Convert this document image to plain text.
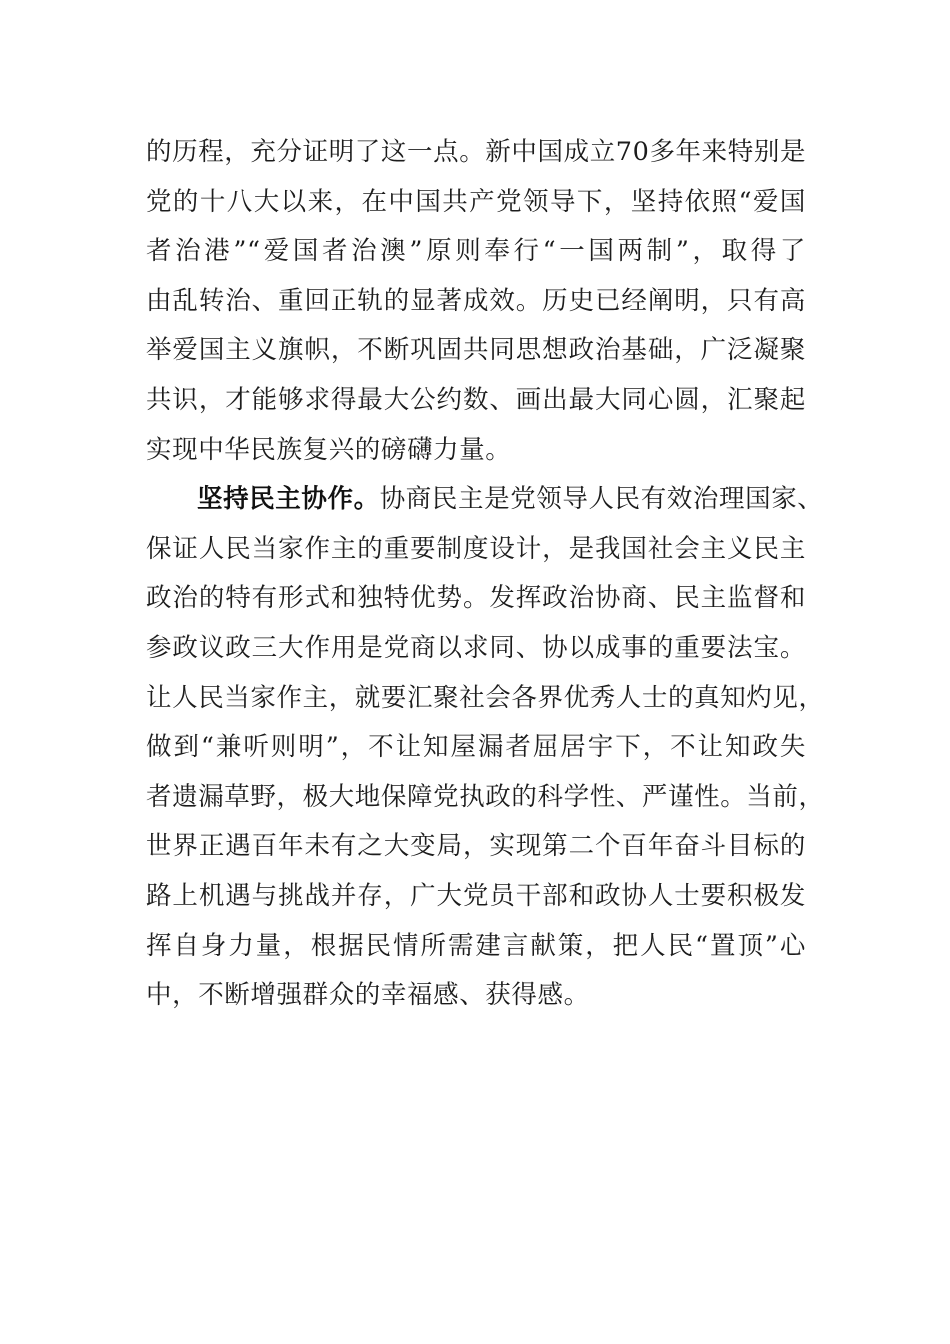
的历程，充分证明了这一点。新中国成立70多年来特别是
党的十八大以来，在中国共产党领导下，坚持依照“爱国
者治港”“爱国者治澳”原则奉行“一国两制”，取得了
由乱转治、重回正轨的显著成效。历史已经阐明，只有高
举爱国主义旗帜，不断巩固共同思想政治基础，广泛凝聚
共识，才能够求得最大公约数、画出最大同心圆，汇聚起
实现中华民族复兴的磅礴力量。
坚持民主协作。协商民主是党领导人民有效治理国家、
保证人民当家作主的重要制度设计，是我国社会主义民主
政治的特有形式和独特优势。发挥政治协商、民主监督和
参政议政三大作用是党商以求同、协以成事的重要法宝。
让人民当家作主，就要汇聚社会各界优秀人士的真知灼见，
做到“兼听则明”，不让知屋漏者屈居宇下，不让知政失
者遗漏草野，极大地保障党执政的科学性、严谨性。当前，
世界正遇百年未有之大变局，实现第二个百年奋斗目标的
路上机遇与挑战并存，广大党员干部和政协人士要积极发
挥自身力量，根据民情所需建言献策，把人民“置顶”心
中，不断增强群众的幸福感、获得感。
